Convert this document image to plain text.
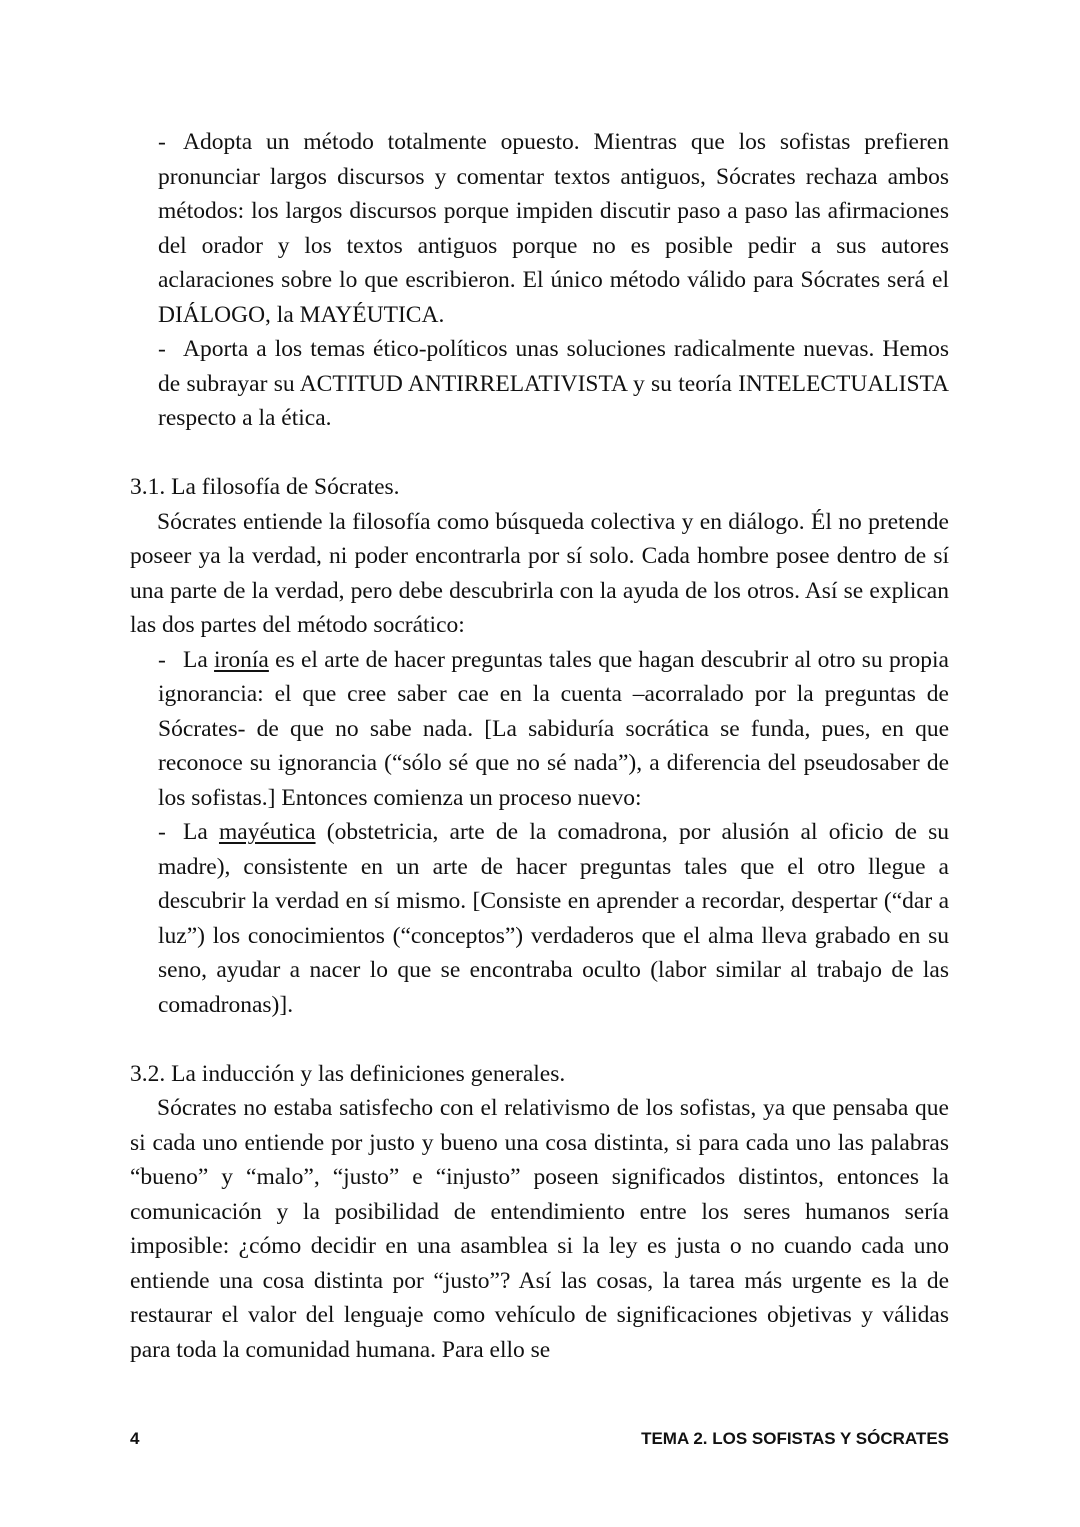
- Adopta un método totalmente opuesto. Mientras que los sofistas prefieren pronunciar largos discursos y comentar textos antiguos, Sócrates rechaza ambos métodos: los largos discursos porque impiden discutir paso a paso las afirmaciones del orador y los textos antiguos porque no es posible pedir a sus autores aclaraciones sobre lo que escribieron. El único método válido para Sócrates será el DIÁLOGO, la MAYÉUTICA.
- Aporta a los temas ético-políticos unas soluciones radicalmente nuevas. Hemos de subrayar su ACTITUD ANTIRRELATIVISTA y su teoría INTELECTUALISTA respecto a la ética.

3.1. La filosofía de Sócrates.

Sócrates entiende la filosofía como búsqueda colectiva y en diálogo. Él no pretende poseer ya la verdad, ni poder encontrarla por sí solo. Cada hombre posee dentro de sí una parte de la verdad, pero debe descubrirla con la ayuda de los otros. Así se explican las dos partes del método socrático:

- La ironía es el arte de hacer preguntas tales que hagan descubrir al otro su propia ignorancia: el que cree saber cae en la cuenta –acorralado por la preguntas de Sócrates- de que no sabe nada. [La sabiduría socrática se funda, pues, en que reconoce su ignorancia (“sólo sé que no sé nada”), a diferencia del pseudosaber de los sofistas.] Entonces comienza un proceso nuevo:
- La mayéutica (obstetricia, arte de la comadrona, por alusión al oficio de su madre), consistente en un arte de hacer preguntas tales que el otro llegue a descubrir la verdad en sí mismo. [Consiste en aprender a recordar, despertar (“dar a luz”) los conocimientos (“conceptos”) verdaderos que el alma lleva grabado en su seno, ayudar a nacer lo que se encontraba oculto (labor similar al trabajo de las comadronas)].

3.2. La inducción y las definiciones generales.

Sócrates no estaba satisfecho con el relativismo de los sofistas, ya que pensaba que si cada uno entiende por justo y bueno una cosa distinta, si para cada uno las palabras “bueno” y “malo”, “justo” e “injusto” poseen significados distintos, entonces la comunicación y la posibilidad de entendimiento entre los seres humanos sería imposible: ¿cómo decidir en una asamblea si la ley es justa o no cuando cada uno entiende una cosa distinta por “justo”? Así las cosas, la tarea más urgente es la de restaurar el valor del lenguaje como vehículo de significaciones objetivas y válidas para toda la comunidad humana. Para ello se

4	TEMA 2. LOS SOFISTAS Y SÓCRATES
